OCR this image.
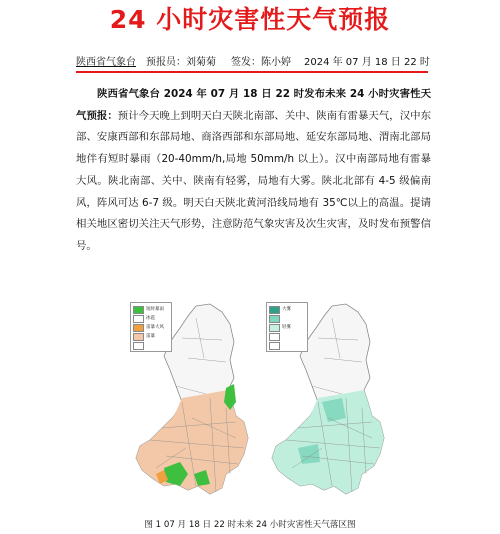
24 小时灾害性天气预报
陕西省气象台 预报员：刘菊菊 签发：陈小婷 2024 年 07 月 18 日 22 时

陕西省气象台 2024 年 07 月 18 日 22 时发布未来 24 小时灾害性天气预报：预计今天晚上到明天白天陕北南部、关中、陕南有雷暴天气，汉中东部、安康西部和东部局地、商洛西部和东部局地、延安东部局地、渭南北部局地伴有短时暴雨（20-40mm/h,局地 50mm/h 以上）。汉中南部局地有雷暴大风。陕北南部、关中、陕南有轻雾，局地有大雾。陕北北部有 4-5 级偏南风，阵风可达 6-7 级。明天白天陕北黄河沿线局地有 35℃以上的高温。提请相关地区密切关注天气形势，注意防范气象灾害及次生灾害，及时发布预警信号。

短时暴雨
冰雹
雷暴大风
雷暴
大雾
轻雾
图 1 07 月 18 日 22 时未来 24 小时灾害性天气落区图
